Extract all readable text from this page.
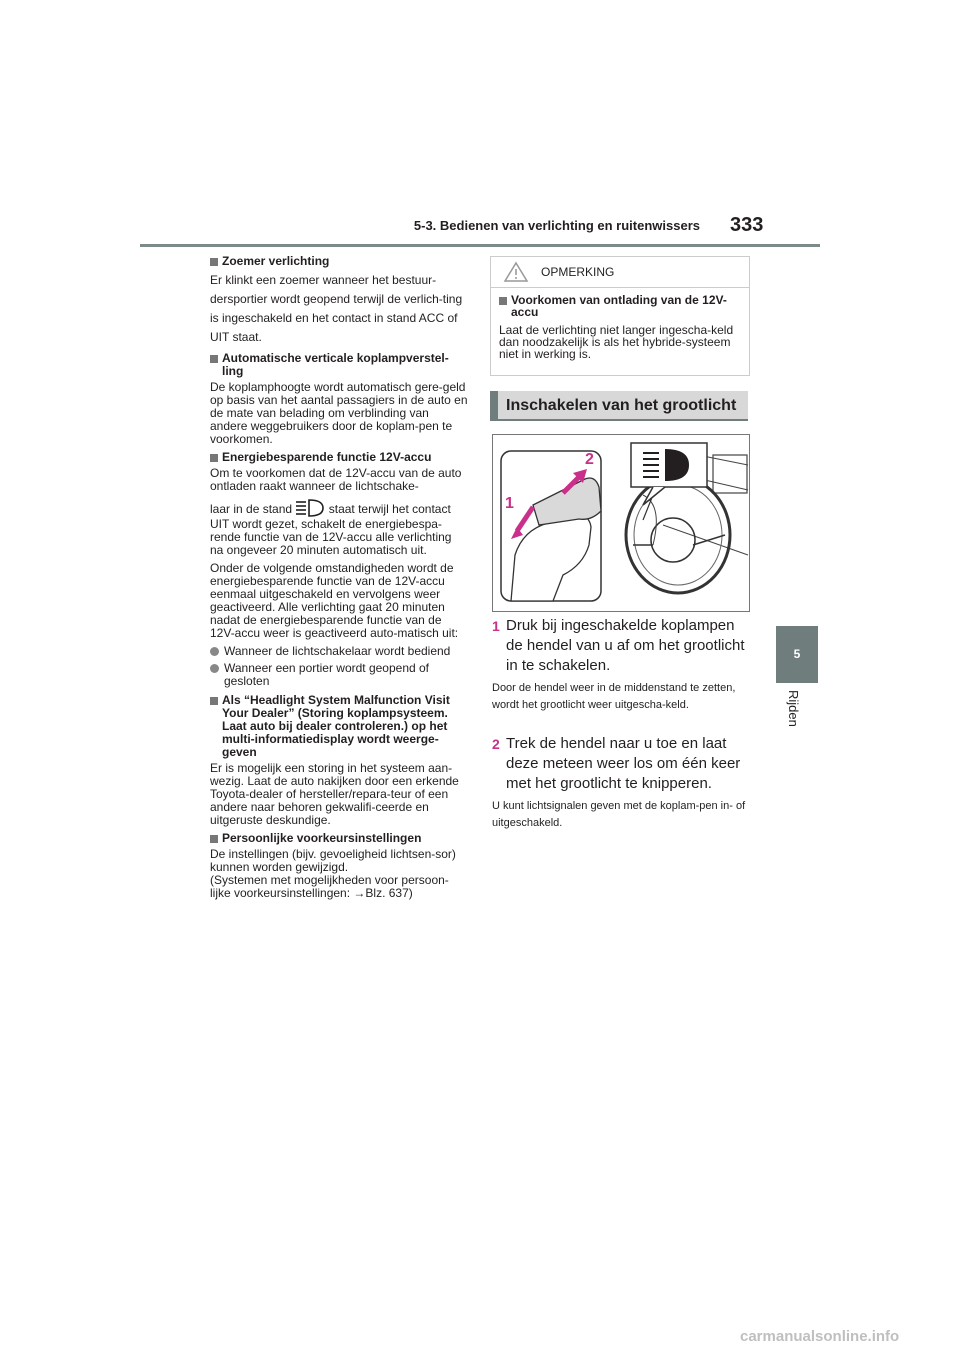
5-3. Bedienen van verlichting en ruitenwissers 333
5
Rijden
Zoemer verlichting

Er klinkt een zoemer wanneer het bestuur-dersportier wordt geopend terwijl de verlich-ting is ingeschakeld en het contact in stand ACC of UIT staat.

Automatische verticale koplampverstel-ling

De koplamphoogte wordt automatisch gere-geld op basis van het aantal passagiers in de auto en de mate van belading om verblinding van andere weggebruikers door de koplam-pen te voorkomen.

Energiebesparende functie 12V-accu

Om te voorkomen dat de 12V-accu van de auto ontladen raakt wanneer de lichtschake-

laar in de stand	staat terwijl het contact

UIT wordt gezet, schakelt de energiebespa-rende functie van de 12V-accu alle verlichting na ongeveer 20 minuten automatisch uit.

Onder de volgende omstandigheden wordt de energiebesparende functie van de 12V-accu eenmaal uitgeschakeld en vervolgens weer geactiveerd. Alle verlichting gaat 20 minuten nadat de energiebesparende functie van de 12V-accu weer is geactiveerd auto-matisch uit:

Wanneer de lichtschakelaar wordt bediend
Wanneer een portier wordt geopend of gesloten
Als “Headlight System Malfunction Visit Your Dealer” (Storing koplampsysteem. Laat auto bij dealer controleren.) op het multi-informatiedisplay wordt weerge-geven

Er is mogelijk een storing in het systeem aan-wezig. Laat de auto nakijken door een erkende Toyota-dealer of hersteller/repara-teur of een andere naar behoren gekwalifi-ceerde en uitgeruste deskundige.

Persoonlijke voorkeursinstellingen

De instellingen (bijv. gevoeligheid lichtsen-sor) kunnen worden gewijzigd.

(Systemen met mogelijkheden voor persoon-lijke voorkeursinstellingen: →Blz. 637)

OPMERKING
Voorkomen van ontlading van de 12V-accu
Laat de verlichting niet langer ingescha-keld dan noodzakelijk is als het hybride-systeem niet in werking is.
Inschakelen van het grootlicht
1
2
1 Druk bij ingeschakelde koplampen de hendel van u af om het grootlicht in te schakelen.
Door de hendel weer in de middenstand te zetten, wordt het grootlicht weer uitgescha-keld.
2 Trek de hendel naar u toe en laat deze meteen weer los om één keer met het grootlicht te knipperen.
U kunt lichtsignalen geven met de koplam-pen in- of uitgeschakeld.
carmanualsonline.info
